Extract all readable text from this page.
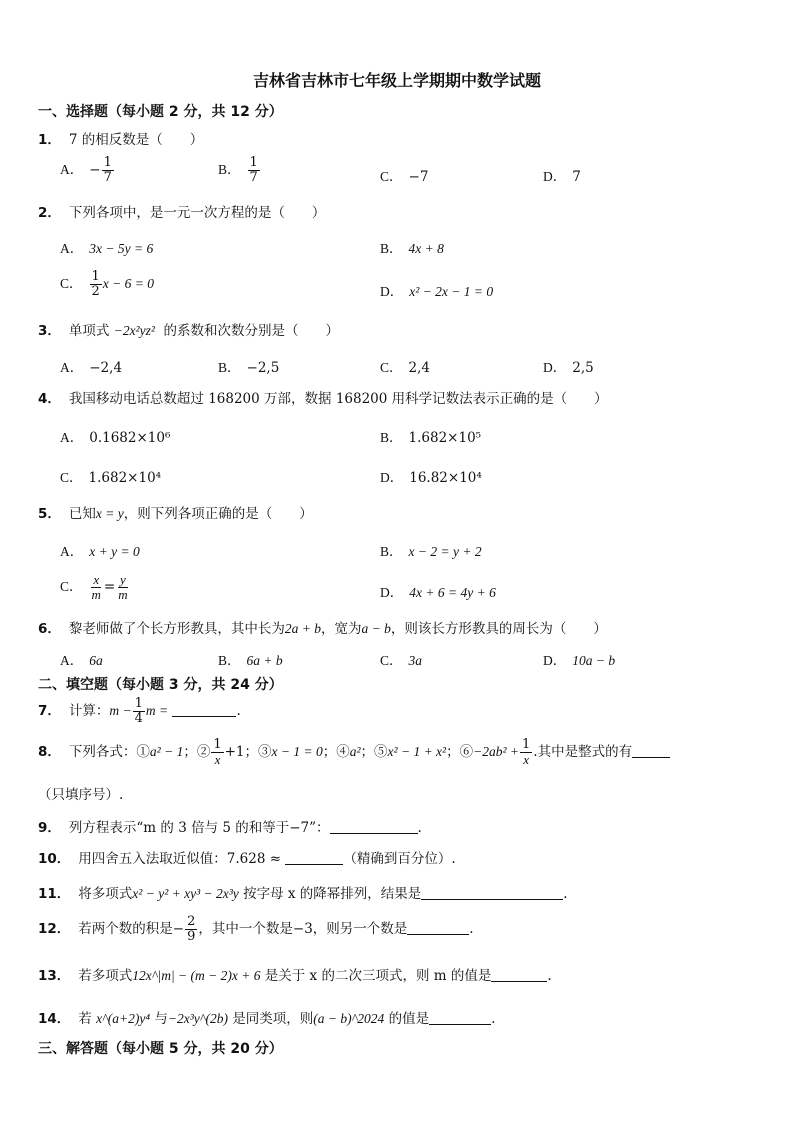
吉林省吉林市七年级上学期期中数学试题
一、选择题（每小题 2 分，共 12 分）
1． 7 的相反数是（　　）
A． − $\frac{1}{7}$	B． $\frac{1}{7}$	C． −7	D． 7
2． 下列各项中，是一元一次方程的是（　　）
A． 3x − 5y = 6	B． 4x + 8
C． $\frac{1}{2}$ x − 6 = 0
D． x² − 2x − 1 = 0
3． 单项式 −2x²yz² 的系数和次数分别是（　　）
A． −2,4	B． −2,5	C． 2,4	D． 2,5
4． 我国移动电话总数超过 168200 万部，数据 168200 用科学记数法表示正确的是（　　）
A． 0.1682×10⁶	B． 1.682×10⁵
C． 1.682×10⁴	D． 16.82×10⁴
5． 已知x = y，则下列各项正确的是（　　）
A． x + y = 0	B． x − 2 = y + 2
C． $\frac{x}{m} = \frac{y}{m}$	D． 4x + 6 = 4y + 6
6． 黎老师做了个长方形教具，其中长为2a + b，宽为a − b，则该长方形教具的周长为（　　）
A． 6a	B． 6a + b	C． 3a	D． 10a − b
二、填空题（每小题 3 分，共 24 分）
7． 计算：$m - \frac{1}{4}$ m =	.
8． 下列各式：①a² − 1；② $\frac{1}{x} +1$；③x − 1 = 0；④a²；⑤x² − 1 + x²；⑥−2ab² + $\frac{1}{x}$ .其中是整式的有
（只填序号）.
9． 列方程表示“m 的 3 倍与 5 的和等于−7”：	.
10． 用四舍五入法取近似值：7.628 ≈	（精确到百分位）.
11． 将多项式x² − y² + xy³ − 2x³y 按字母 x 的降幂排列，结果是	.
12． 若两个数的积是− $\frac{2}{9}$ ，其中一个数是−3，则另一个数是	.
13． 若多项式12x^|m| − (m − 2)x + 6 是关于 x 的二次三项式，则 m 的值是	.
14． 若 x^(a+2)y⁴ 与−2x³y^(2b) 是同类项，则(a − b)^2024 的值是	.
三、解答题（每小题 5 分，共 20 分）
